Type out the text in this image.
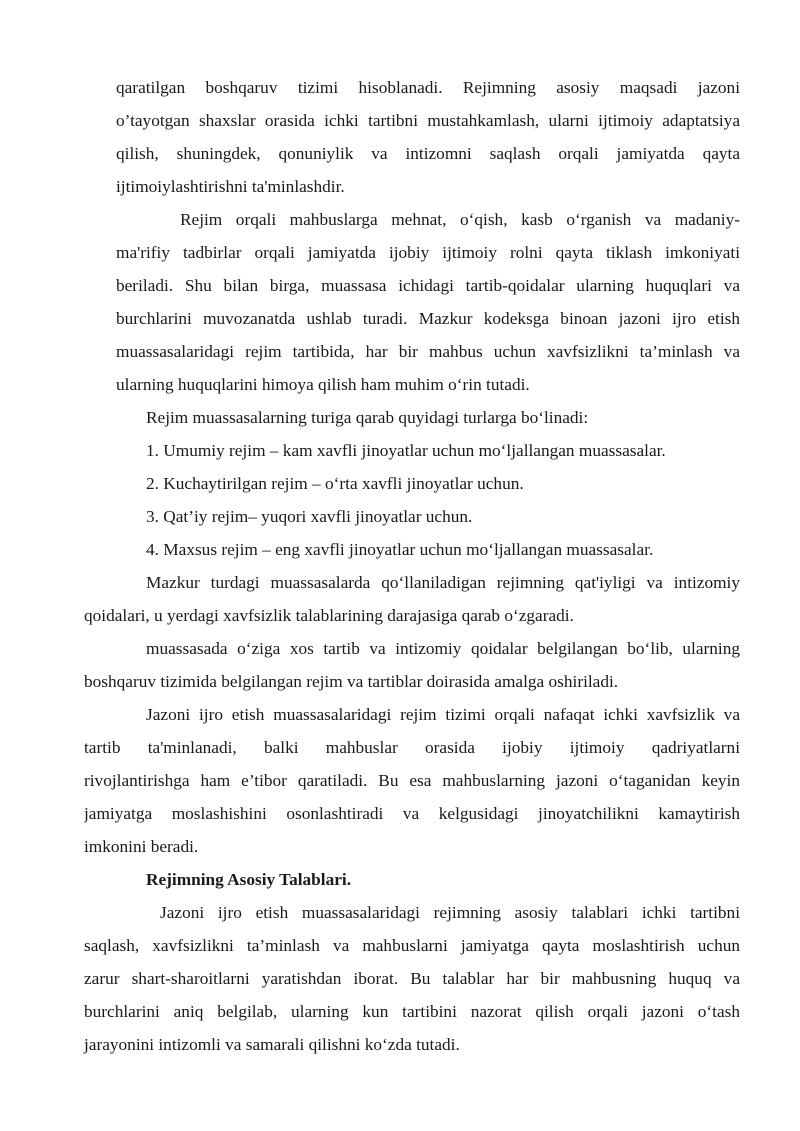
qaratilgan boshqaruv tizimi hisoblanadi. Rejimning asosiy maqsadi jazoni
o’tayotgan shaxslar orasida ichki tartibni mustahkamlash, ularni ijtimoiy adaptatsiya
qilish, shuningdek, qonuniylik va intizomni saqlash orqali jamiyatda qayta
ijtimoiylashtirishni ta'minlashdir.
Rejim orqali mahbuslarga mehnat, o‘qish, kasb o‘rganish va madaniy-
ma'rifiy tadbirlar orqali jamiyatda ijobiy ijtimoiy rolni qayta tiklash imkoniyati
beriladi. Shu bilan birga, muassasa ichidagi tartib-qoidalar ularning huquqlari va
burchlarini muvozanatda ushlab turadi. Mazkur kodeksga binoan jazoni ijro etish
muassasalaridagi rejim tartibida, har bir mahbus uchun xavfsizlikni ta’minlash va
ularning huquqlarini himoya qilish ham muhim o‘rin tutadi.
Rejim muassasalarning turiga qarab quyidagi turlarga bo‘linadi:
1. Umumiy rejim – kam xavfli jinoyatlar uchun mo‘ljallangan muassasalar.
2. Kuchaytirilgan rejim – o‘rta xavfli jinoyatlar uchun.
3. Qat’iy rejim– yuqori xavfli jinoyatlar uchun.
4. Maxsus rejim – eng xavfli jinoyatlar uchun mo‘ljallangan muassasalar.
Mazkur turdagi muassasalarda qo‘llaniladigan rejimning qat'iyligi va intizomiy
qoidalari, u yerdagi xavfsizlik talablarining darajasiga qarab o‘zgaradi.
muassasada o‘ziga xos tartib va intizomiy qoidalar belgilangan bo‘lib, ularning
boshqaruv tizimida belgilangan rejim va tartiblar doirasida amalga oshiriladi.
Jazoni ijro etish muassasalaridagi rejim tizimi orqali nafaqat ichki xavfsizlik va
tartib ta'minlanadi, balki mahbuslar orasida ijobiy ijtimoiy qadriyatlarni
rivojlantirishga ham e’tibor qaratiladi. Bu esa mahbuslarning jazoni o‘taganidan keyin
jamiyatga moslashishini osonlashtiradi va kelgusidagi jinoyatchilikni kamaytirish
imkonini beradi.
Rejimning Asosiy Talablari.
Jazoni ijro etish muassasalaridagi rejimning asosiy talablari ichki tartibni
saqlash, xavfsizlikni ta’minlash va mahbuslarni jamiyatga qayta moslashtirish uchun
zarur shart-sharoitlarni yaratishdan iborat. Bu talablar har bir mahbusning huquq va
burchlarini aniq belgilab, ularning kun tartibini nazorat qilish orqali jazoni o‘tash
jarayonini intizomli va samarali qilishni ko‘zda tutadi.
